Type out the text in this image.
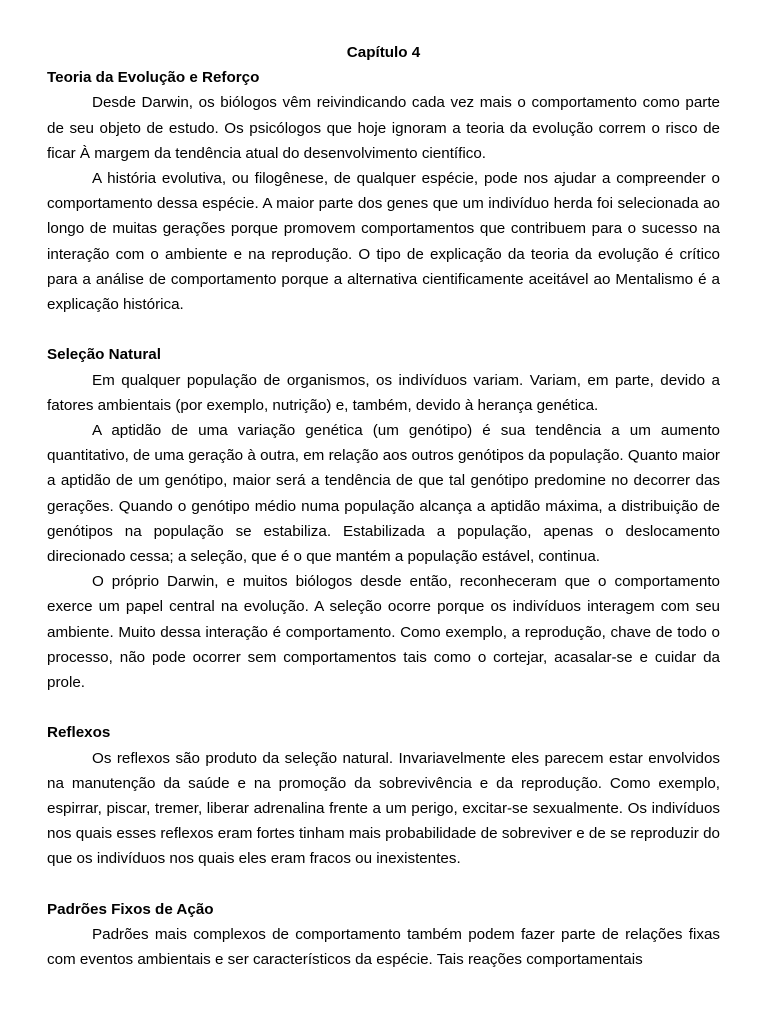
Capítulo 4

Teoria da Evolução e Reforço

Desde Darwin, os biólogos vêm reivindicando cada vez mais o comportamento como parte de seu objeto de estudo. Os psicólogos que hoje ignoram a teoria da evolução correm o risco de ficar À margem da tendência atual do desenvolvimento científico.

A história evolutiva, ou filogênese, de qualquer espécie, pode nos ajudar a compreender o comportamento dessa espécie. A maior parte dos genes que um indivíduo herda foi selecionada ao longo de muitas gerações porque promovem comportamentos que contribuem para o sucesso na interação com o ambiente e na reprodução. O tipo de explicação da teoria da evolução é crítico para a análise de comportamento porque a alternativa cientificamente aceitável ao Mentalismo é a explicação histórica.

Seleção Natural

Em qualquer população de organismos, os indivíduos variam. Variam, em parte, devido a fatores ambientais (por exemplo, nutrição) e, também, devido à herança genética.

A aptidão de uma variação genética (um genótipo) é sua tendência a um aumento quantitativo, de uma geração à outra, em relação aos outros genótipos da população. Quanto maior a aptidão de um genótipo, maior será a tendência de que tal genótipo predomine no decorrer das gerações. Quando o genótipo médio numa população alcança a aptidão máxima, a distribuição de genótipos na população se estabiliza. Estabilizada a população, apenas o deslocamento direcionado cessa; a seleção, que é o que mantém a população estável, continua.

O próprio Darwin, e muitos biólogos desde então, reconheceram que o comportamento exerce um papel central na evolução. A seleção ocorre porque os indivíduos interagem com seu ambiente. Muito dessa interação é comportamento. Como exemplo, a reprodução, chave de todo o processo, não pode ocorrer sem comportamentos tais como o cortejar, acasalar-se e cuidar da prole.

Reflexos

Os reflexos são produto da seleção natural. Invariavelmente eles parecem estar envolvidos na manutenção da saúde e na promoção da sobrevivência e da reprodução. Como exemplo, espirrar, piscar, tremer, liberar adrenalina frente a um perigo, excitar-se sexualmente. Os indivíduos nos quais esses reflexos eram fortes tinham mais probabilidade de sobreviver e de se reproduzir do que os indivíduos nos quais eles eram fracos ou inexistentes.

Padrões Fixos de Ação

Padrões mais complexos de comportamento também podem fazer parte de relações fixas com eventos ambientais e ser característicos da espécie. Tais reações comportamentais
